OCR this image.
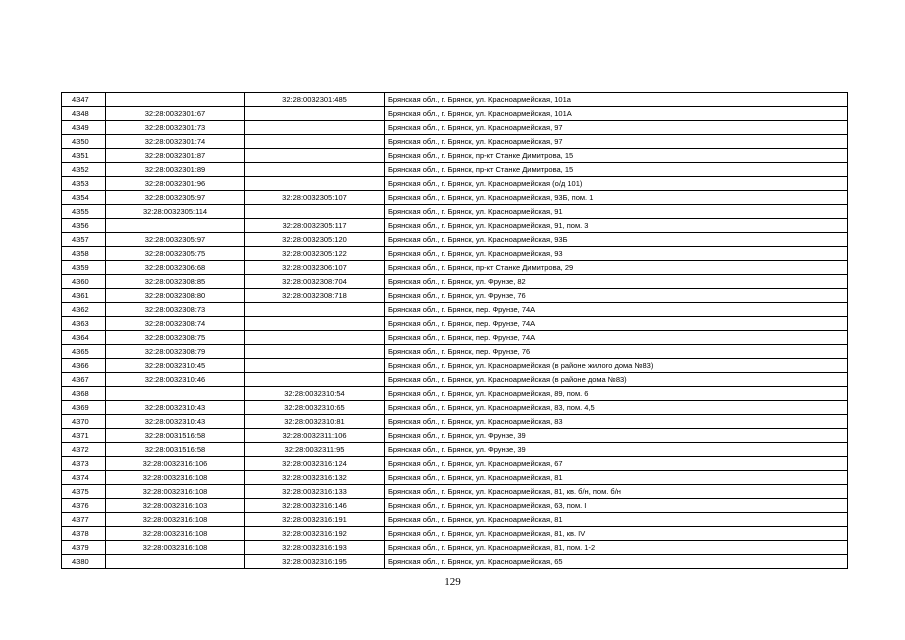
4347		32:28:0032301:485	Брянская обл., г. Брянск, ул. Красноармейская, 101а
4348	32:28:0032301:67		Брянская обл., г. Брянск, ул. Красноармейская, 101А
4349	32:28:0032301:73		Брянская обл., г. Брянск, ул. Красноармейская, 97
4350	32:28:0032301:74		Брянская обл., г. Брянск, ул. Красноармейская, 97
4351	32:28:0032301:87		Брянская обл., г. Брянск, пр-кт Станке Димитрова, 15
4352	32:28:0032301:89		Брянская обл., г. Брянск, пр-кт Станке Димитрова, 15
4353	32:28:0032301:96		Брянская обл., г. Брянск, ул. Красноармейская (о/д 101)
4354	32:28:0032305:97	32:28:0032305:107	Брянская обл., г. Брянск, ул. Красноармейская, 93Б, пом. 1
4355	32:28:0032305:114		Брянская обл., г. Брянск, ул. Красноармейская, 91
4356		32:28:0032305:117	Брянская обл., г. Брянск, ул. Красноармейская, 91, пом. 3
4357	32:28:0032305:97	32:28:0032305:120	Брянская обл., г. Брянск, ул. Красноармейская, 93Б
4358	32:28:0032305:75	32:28:0032305:122	Брянская обл., г. Брянск, ул. Красноармейская, 93
4359	32:28:0032306:68	32:28:0032306:107	Брянская обл., г. Брянск, пр-кт Станке Димитрова, 29
4360	32:28:0032308:85	32:28:0032308:704	Брянская обл., г. Брянск, ул. Фрунзе, 82
4361	32:28:0032308:80	32:28:0032308:718	Брянская обл., г. Брянск, ул. Фрунзе, 76
4362	32:28:0032308:73		Брянская обл., г. Брянск, пер. Фрунзе, 74А
4363	32:28:0032308:74		Брянская обл., г. Брянск, пер. Фрунзе, 74А
4364	32:28:0032308:75		Брянская обл., г. Брянск, пер. Фрунзе, 74А
4365	32:28:0032308:79		Брянская обл., г. Брянск, пер. Фрунзе, 76
4366	32:28:0032310:45		Брянская обл., г. Брянск, ул. Красноармейская (в районе жилого дома №83)
4367	32:28:0032310:46		Брянская обл., г. Брянск, ул. Красноармейская (в районе дома №83)
4368		32:28:0032310:54	Брянская обл., г. Брянск, ул. Красноармейская, 89, пом. 6
4369	32:28:0032310:43	32:28:0032310:65	Брянская обл., г. Брянск, ул. Красноармейская, 83, пом. 4,5
4370	32:28:0032310:43	32:28:0032310:81	Брянская обл., г. Брянск, ул. Красноармейская, 83
4371	32:28:0031516:58	32:28:0032311:106	Брянская обл., г. Брянск, ул. Фрунзе, 39
4372	32:28:0031516:58	32:28:0032311:95	Брянская обл., г. Брянск, ул. Фрунзе, 39
4373	32:28:0032316:106	32:28:0032316:124	Брянская обл., г. Брянск, ул. Красноармейская, 67
4374	32:28:0032316:108	32:28:0032316:132	Брянская обл., г. Брянск, ул. Красноармейская, 81
4375	32:28:0032316:108	32:28:0032316:133	Брянская обл., г. Брянск, ул. Красноармейская, 81, кв. б/н, пом. б/н
4376	32:28:0032316:103	32:28:0032316:146	Брянская обл., г. Брянск, ул. Красноармейская, 63, пом. I
4377	32:28:0032316:108	32:28:0032316:191	Брянская обл., г. Брянск, ул. Красноармейская, 81
4378	32:28:0032316:108	32:28:0032316:192	Брянская обл., г. Брянск, ул. Красноармейская, 81, кв. IV
4379	32:28:0032316:108	32:28:0032316:193	Брянская обл., г. Брянск, ул. Красноармейская, 81, пом. 1-2
4380		32:28:0032316:195	Брянская обл., г. Брянск, ул. Красноармейская, 65
129
